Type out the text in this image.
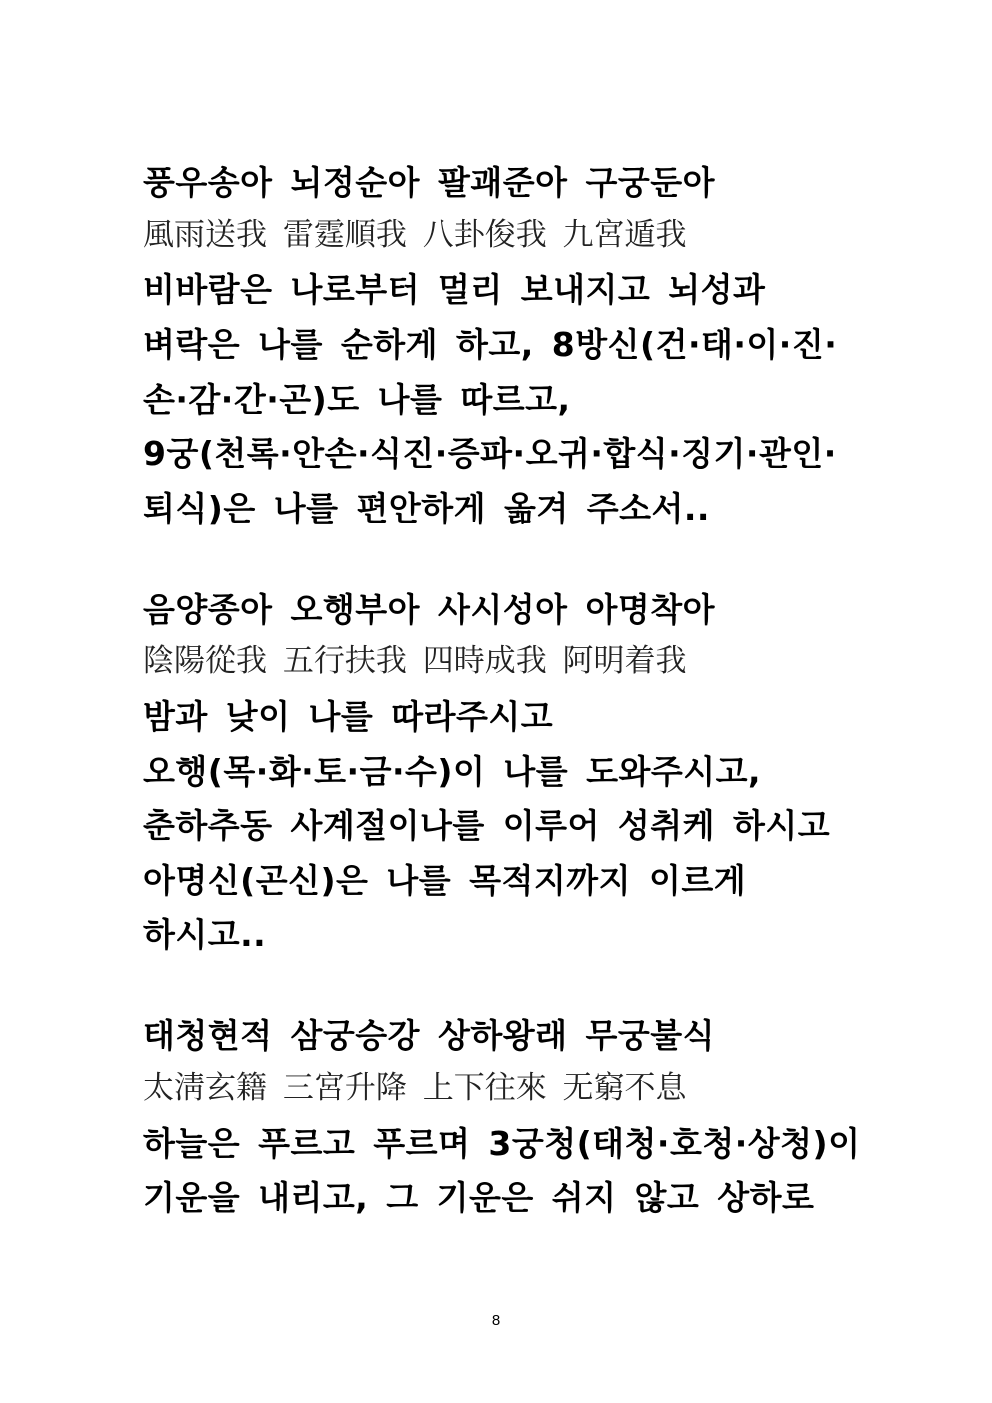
풍우송아 뇌정순아 팔괘준아 구궁둔아
風雨送我 雷霆順我 八卦俊我 九宮遁我
비바람은 나로부터 멀리 보내지고 뇌성과
벼락은 나를 순하게 하고, 8방신(건·태·이·진·
손·감·간·곤)도 나를 따르고,
9궁(천록·안손·식진·증파·오귀·합식·징기·관인·
퇴식)은 나를 편안하게 옮겨 주소서..
음양종아 오행부아 사시성아 아명착아
陰陽從我 五行扶我 四時成我 阿明着我
밤과 낮이 나를 따라주시고
오행(목·화·토·금·수)이 나를 도와주시고,
춘하추동 사계절이나를 이루어 성취케 하시고
아명신(곤신)은 나를 목적지까지 이르게
하시고..
태청현적 삼궁승강 상하왕래 무궁불식
太淸玄籍 三宮升降 上下往來 无窮不息
하늘은 푸르고 푸르며 3궁청(태청·호청·상청)이
기운을 내리고, 그 기운은 쉬지 않고 상하로
8
